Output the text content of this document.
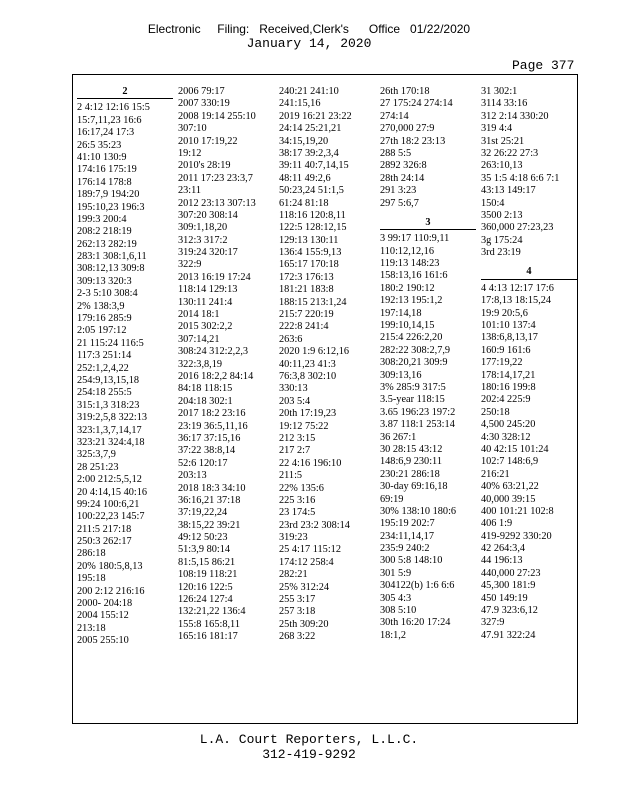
Electronic     Filing:   Received,Clerk's      Office   01/22/2020
January 14, 2020
Page 377
2
2 4:12 12:16 15:5
15:7,11,23 16:6
16:17,24 17:3
26:5 35:23
41:10 130:9
174:16 175:19
176:14 178:8
189:7,9 194:20
195:10,23 196:3
199:3 200:4
208:2 218:19
262:13 282:19
283:1 308:1,6,11
308:12,13 309:8
309:13 320:3
2-3 5:10 308:4
2% 138:3,9
179:16 285:9
2:05 197:12
21 115:24 116:5
117:3 251:14
252:1,2,4,22
254:9,13,15,18
254:18 255:5
315:1,3 318:23
319:2,5,8 322:13
323:1,3,7,14,17
323:21 324:4,18
325:3,7,9
28 251:23
2:00 212:5,5,12
20 4:14,15 40:16
99:24 100:6,21
100:22,23 145:7
211:5 217:18
250:3 262:17
286:18
20% 180:5,8,13
195:18
200 2:12 216:16
2000- 204:18
2004 155:12
213:18
2005 255:10
2006 79:17
2007 330:19
2008 19:14 255:10
307:10
2010 17:19,22
19:12
2010's 28:19
2011 17:23 23:3,7
23:11
2012 23:13 307:13
307:20 308:14
309:1,18,20
312:3 317:2
319:24 320:17
322:9
2013 16:19 17:24
118:14 129:13
130:11 241:4
2014 18:1
2015 302:2,2
307:14,21
308:24 312:2,2,3
322:3,8,19
2016 18:2,2 84:14
84:18 118:15
204:18 302:1
2017 18:2 23:16
23:19 36:5,11,16
36:17 37:15,16
37:22 38:8,14
52:6 120:17
203:13
2018 18:3 34:10
36:16,21 37:18
37:19,22,24
38:15,22 39:21
49:12 50:23
51:3,9 80:14
81:5,15 86:21
108:19 118:21
120:16 122:5
126:24 127:4
132:21,22 136:4
155:8 165:8,11
165:16 181:17
240:21 241:10
241:15,16
2019 16:21 23:22
24:14 25:21,21
34:15,19,20
38:17 39:2,3,4
39:11 40:7,14,15
48:11 49:2,6
50:23,24 51:1,5
61:24 81:18
118:16 120:8,11
122:5 128:12,15
129:13 130:11
136:4 155:9,13
165:17 170:18
172:3 176:13
181:21 183:8
188:15 213:1,24
215:7 220:19
222:8 241:4
263:6
2020 1:9 6:12,16
40:11,23 41:3
76:3,8 302:10
330:13
203 5:4
20th 17:19,23
19:12 75:22
212 3:15
217 2:7
22 4:16 196:10
211:5
22% 135:6
225 3:16
23 174:5
23rd 23:2 308:14
319:23
25 4:17 115:12
174:12 258:4
282:21
25% 312:24
255 3:17
257 3:18
25th 309:20
268 3:22
26th 170:18
27 175:24 274:14
274:14
270,000 27:9
27th 18:2 23:13
288 5:5
2892 326:8
28th 24:14
291 3:23
297 5:6,7
3
3 99:17 110:9,11
110:12,12,16
119:13 148:23
158:13,16 161:6
180:2 190:12
192:13 195:1,2
197:14,18
199:10,14,15
215:4 226:2,20
282:22 308:2,7,9
308:20,21 309:9
309:13,16
3% 285:9 317:5
3.5-year 118:15
3.65 196:23 197:2
3.87 118:1 253:14
36 267:1
30 28:15 43:12
148:6,9 230:11
230:21 286:18
30-day 69:16,18
69:19
30% 138:10 180:6
195:19 202:7
234:11,14,17
235:9 240:2
300 5:8 148:10
301 5:9
304122(b) 1:6 6:6
305 4:3
308 5:10
30th 16:20 17:24
18:1,2
31 302:1
3114 33:16
312 2:14 330:20
319 4:4
31st 25:21
32 26:22 27:3
263:10,13
35 1:5 4:18 6:6 7:1
43:13 149:17
150:4
3500 2:13
360,000 27:23,23
3g 175:24
3rd 23:19
4
4 4:13 12:17 17:6
17:8,13 18:15,24
19:9 20:5,6
101:10 137:4
138:6,8,13,17
160:9 161:6
177:19,22
178:14,17,21
180:16 199:8
202:4 225:9
250:18
4,500 245:20
4:30 328:12
40 42:15 101:24
102:7 148:6,9
216:21
40% 63:21,22
40,000 39:15
400 101:21 102:8
406 1:9
419-9292 330:20
42 264:3,4
44 196:13
440,000 27:23
45,300 181:9
450 149:19
47.9 323:6,12
327:9
47.91 322:24
L.A. Court Reporters, L.L.C.
312-419-9292
